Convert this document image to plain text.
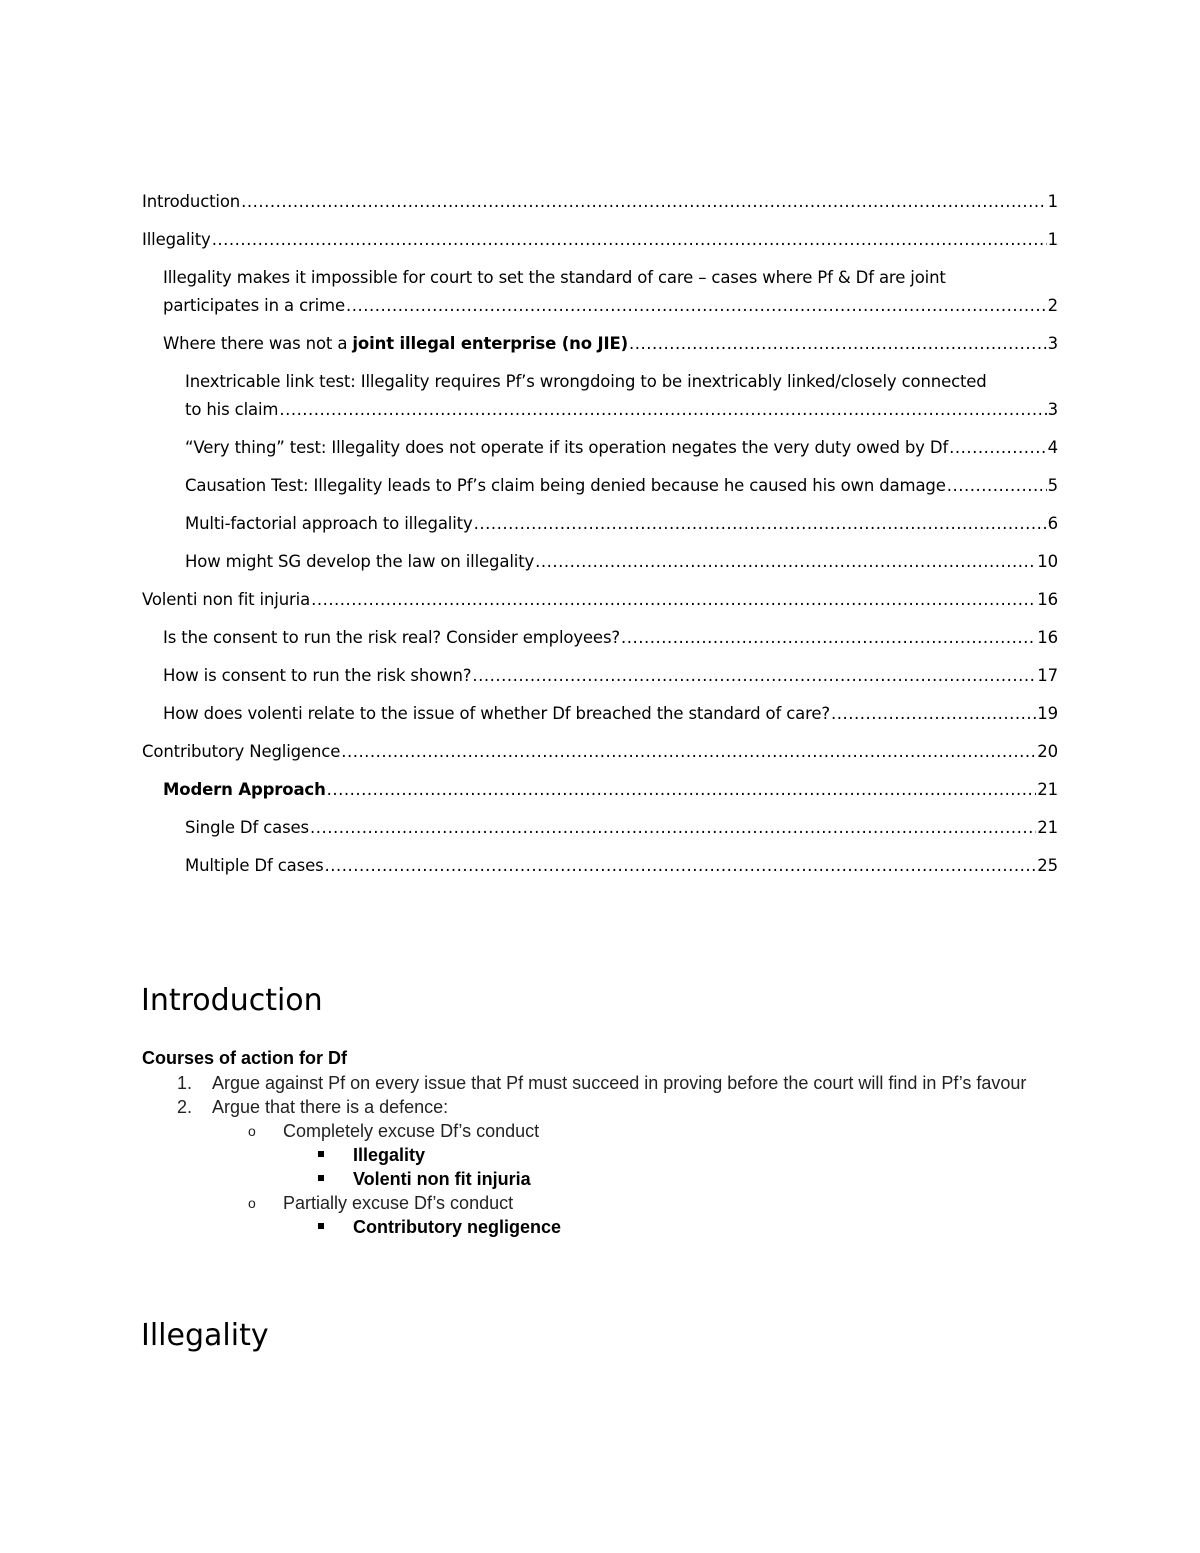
Introduction .....	1
Illegality .....	1
Illegality makes it impossible for court to set the standard of care – cases where Pf & Df are joint
participates in a crime .....	2
Where there was not a joint illegal enterprise (no JIE) .....	3
Inextricable link test: Illegality requires Pf’s wrongdoing to be inextricably linked/closely connected
to his claim .....	3
“Very thing” test: Illegality does not operate if its operation negates the very duty owed by Df .....	4
Causation Test: Illegality leads to Pf’s claim being denied because he caused his own damage .....	5
Multi-factorial approach to illegality .....	6
How might SG develop the law on illegality .....	10
Volenti non fit injuria .....	16
Is the consent to run the risk real? Consider employees? .....	16
How is consent to run the risk shown? .....	17
How does volenti relate to the issue of whether Df breached the standard of care? .....	19
Contributory Negligence .....	20
Modern Approach .....	21
Single Df cases .....	21
Multiple Df cases .....	25
Introduction
Courses of action for Df
1. Argue against Pf on every issue that Pf must succeed in proving before the court will find in Pf’s favour
2. Argue that there is a defence:
o Completely excuse Df’s conduct
Illegality
Volenti non fit injuria
o Partially excuse Df’s conduct
Contributory negligence
Illegality
